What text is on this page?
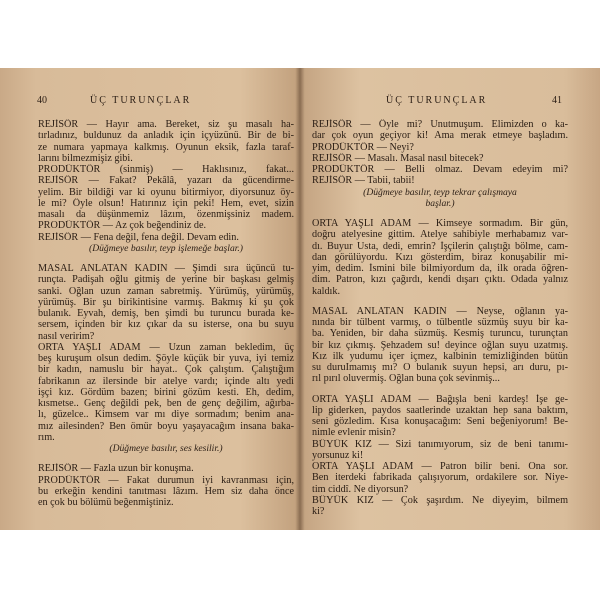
40	ÜÇ TURUNÇLAR
REJİSÖR — Hayır ama. Bereket, siz şu masalı ha-
tırladınız, buldunuz da anladık için içyüzünü. Bir de bi-
ze numara yapmaya kalkmış. Oyunun eksik, fazla taraf-
larını bilmezmişiz gibi.
PRODÜKTÖR (sinmiş) — Haklısınız, fakat...
REJİSÖR — Fakat? Pekâlâ, yazarı da gücendirme-
yelim. Bir bildiği var ki oyunu bitirmiyor, diyorsunuz öy-
le mi? Öyle olsun! Hatırınız için peki! Hem, evet, sizin
masalı da düşünmemiz lâzım, özenmişsiniz madem.
PRODÜKTÖR — Az çok beğendiniz de.
REJİSÖR — Fena değil, fena değil. Devam edin.
(Düğmeye basılır, teyp işlemeğe başlar.)
MASAL ANLATAN KADIN — Şimdi sıra üçüncü tu-
runçta. Padişah oğlu gitmiş de yerine bir başkası gelmiş
sanki. Oğlan uzun zaman sabretmiş. Yürümüş, yürümüş,
yürümüş. Bir şu birikintisine varmış. Bakmış ki şu çok
bulanık. Eyvah, demiş, ben şimdi bu turuncu burada ke-
sersem, içinden bir kız çıkar da su isterse, ona bu suyu
nasıl veririm?
ORTA YAŞLI ADAM — Uzun zaman bekledim, üç
beş kuruşum olsun dedim. Şöyle küçük bir yuva, iyi temiz
bir kadın, namuslu bir hayat.. Çok çalıştım. Çalıştığım
fabrikanın az ilersinde bir atelye vardı; içinde altı yedi
işçi kız. Gördüm bazen; birini gözüm kesti. Eh, dedim,
kısmetse.. Genç değildi pek, ben de genç değilim, ağırba-
lı, güzelce.. Kimsem var mı diye sormadım; benim ana-
mız ailesinden? Ben ömür boyu yaşayacağım insana baka-
rım.
(Düğmeye basılır, ses kesilir.)
REJİSÖR — Fazla uzun bir konuşma.
PRODÜKTÖR — Fakat durumun iyi kavranması için,
bu erkeğin kendini tanıtması lâzım. Hem siz daha önce
en çok bu bölümü beğenmiştiniz.
ÜÇ TURUNÇLAR	41
REJİSÖR — Öyle mi? Unutmuşum. Elimizden o ka-
dar çok oyun geçiyor ki! Ama merak etmeye başladım.
PRODÜKTÖR — Neyi?
REJİSÖR — Masalı. Masal nasıl bitecek?
PRODÜKTÖR — Belli olmaz. Devam edeyim mi?
REJİSÖR — Tabii, tabii!
(Düğmeye basılır, teyp tekrar çalışmaya
başlar.)
ORTA YAŞLI ADAM — Kimseye sormadım. Bir gün,
doğru atelyesine gittim. Atelye sahibiyle merhabamız var-
dı. Buyur Usta, dedi, emrin? İşçilerin çalıştığı bölme, cam-
dan görülüyordu. Kızı gösterdim, biraz konuşabilir mi-
yim, dedim. İsmini bile bilmiyordum da, ilk orada öğren-
dim. Patron, kızı çağırdı, kendi dışarı çıktı. Odada yalnız
kaldık.
MASAL ANLATAN KADIN — Neyse, oğlanın ya-
nında bir tülbent varmış, o tülbentle süzmüş suyu bir ka-
ba. Yeniden, bir daha süzmüş. Kesmiş turuncu, turunçtan
bir kız çıkmış. Şehzadem su! deyince oğlan suyu uzatmış.
Kız ilk yudumu içer içmez, kalbinin temizliğinden bütün
su duruImamış mı? O bulanık suyun hepsi, arı duru, pı-
rıl pırıl oluvermiş. Oğlan buna çok sevinmiş...
ORTA YAŞLI ADAM — Bağışla beni kardeş! İşe ge-
lip giderken, paydos saatlerinde uzaktan hep sana baktım,
seni gözledim. Kısa konuşacağım: Seni beğeniyorum! Be-
nimle evlenir misin?
BÜYÜK KIZ — Sizi tanımıyorum, siz de beni tanımı-
yorsunuz ki!
ORTA YAŞLI ADAM — Patron bilir beni. Ona sor.
Ben iterdeki fabrikada çalışıyorum, ordakilere sor. Niye-
tim ciddî. Ne diyorsun?
BÜYÜK KIZ — Çok şaşırdım. Ne diyeyim, bilmem
ki?
